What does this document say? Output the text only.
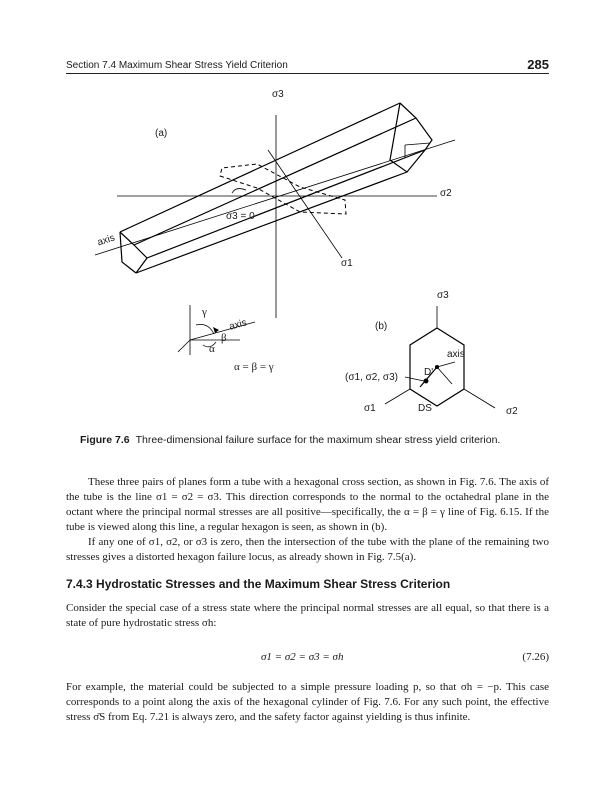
Section 7.4 Maximum Shear Stress Yield Criterion	285
σ3
(a)
σ2
σ3 = 0
axis
σ1
σ3
γ
axis	(b)
β
α	axis
α = β = γ	D'
(σ1, σ2, σ3)
σ1	DS	σ2
Figure 7.6 Three-dimensional failure surface for the maximum shear stress yield criterion.
These three pairs of planes form a tube with a hexagonal cross section, as shown in Fig. 7.6. The axis of the tube is the line σ1 = σ2 = σ3. This direction corresponds to the normal to the octahedral plane in the octant where the principal normal stresses are all positive—specifically, the α = β = γ line of Fig. 6.15. If the tube is viewed along this line, a regular hexagon is seen, as shown in (b).
If any one of σ1, σ2, or σ3 is zero, then the intersection of the tube with the plane of the remaining two stresses gives a distorted hexagon failure locus, as already shown in Fig. 7.5(a).
7.4.3 Hydrostatic Stresses and the Maximum Shear Stress Criterion
Consider the special case of a stress state where the principal normal stresses are all equal, so that there is a state of pure hydrostatic stress σh:
σ1 = σ2 = σ3 = σh	(7.26)
For example, the material could be subjected to a simple pressure loading p, so that σh = −p. This case corresponds to a point along the axis of the hexagonal cylinder of Fig. 7.6. For any such point, the effective stress σ̄S from Eq. 7.21 is always zero, and the safety factor against yielding is thus infinite.
